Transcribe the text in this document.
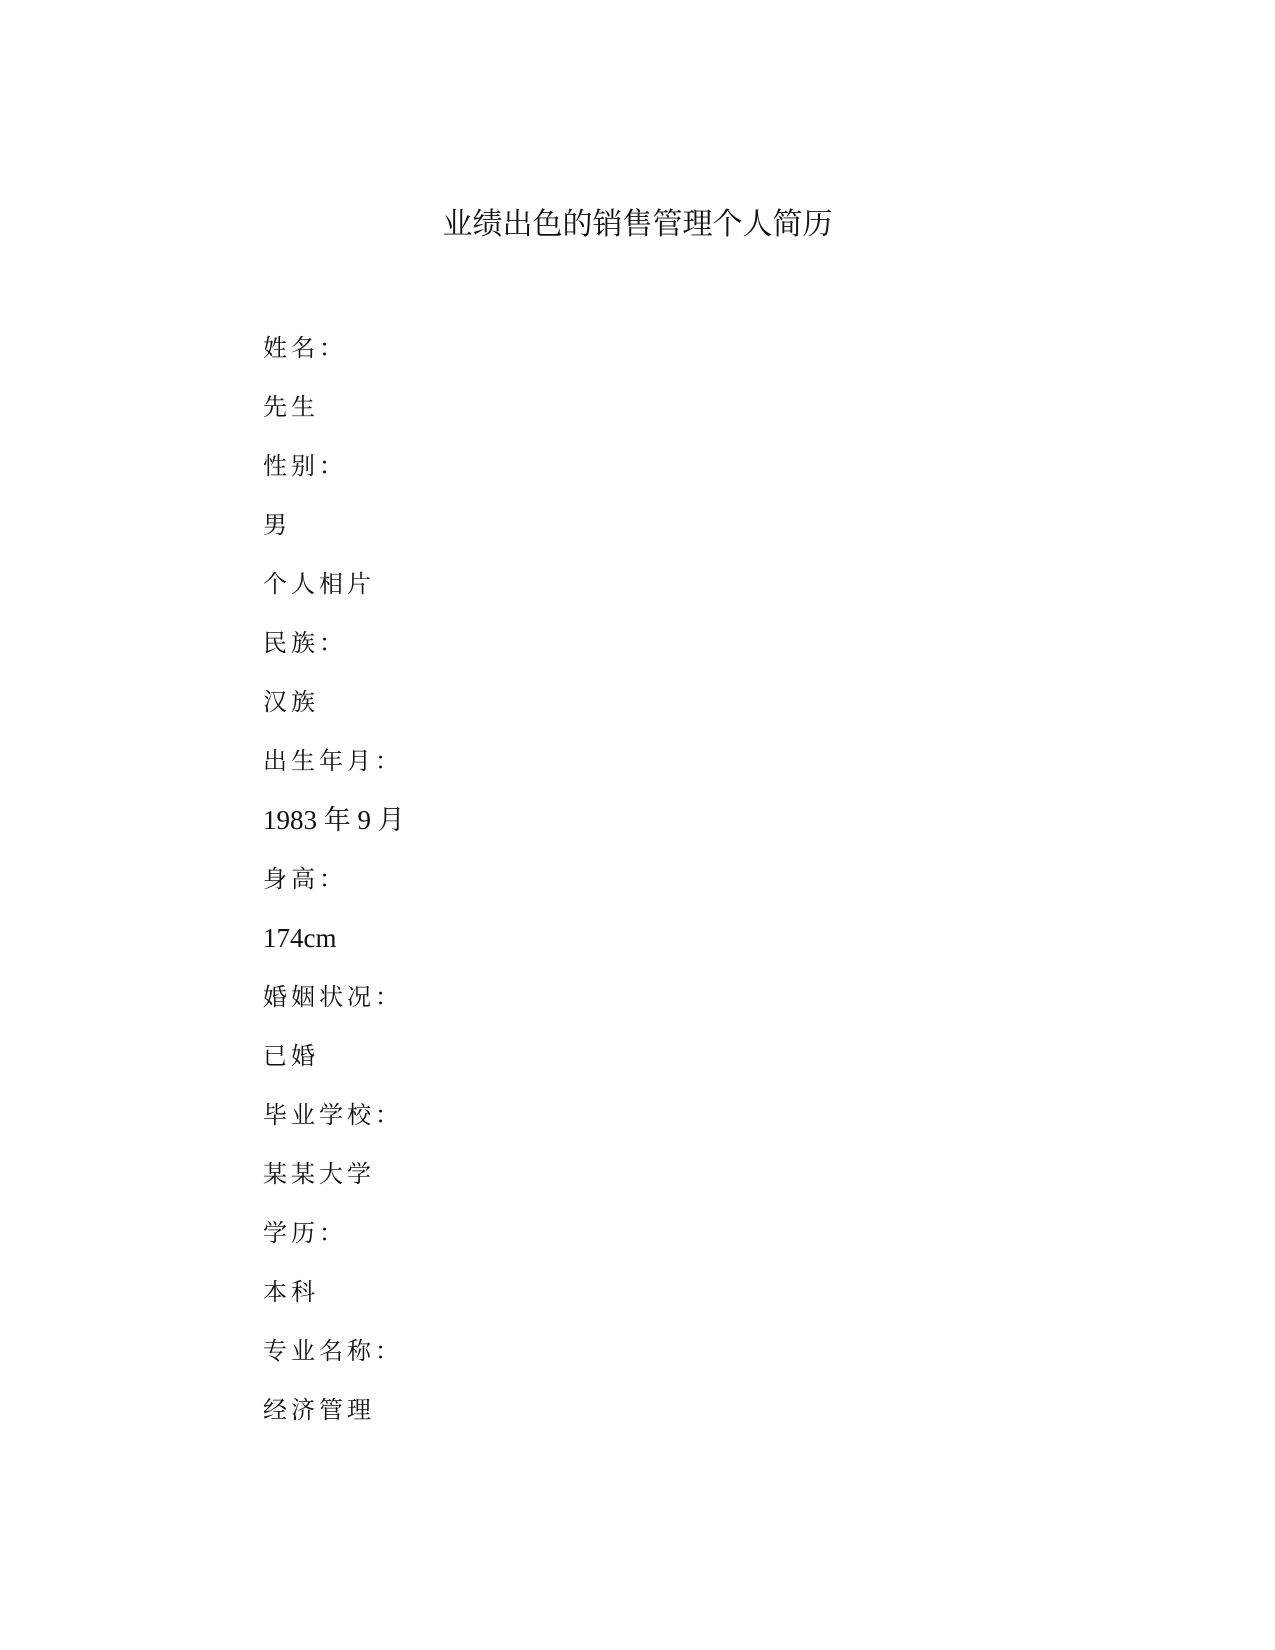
业绩出色的销售管理个人简历
姓名：
先生
性别：
男
个人相片
民族：
汉族
出生年月：
1983 年 9 月
身高：
174cm
婚姻状况：
已婚
毕业学校：
某某大学
学历：
本科
专业名称：
经济管理
